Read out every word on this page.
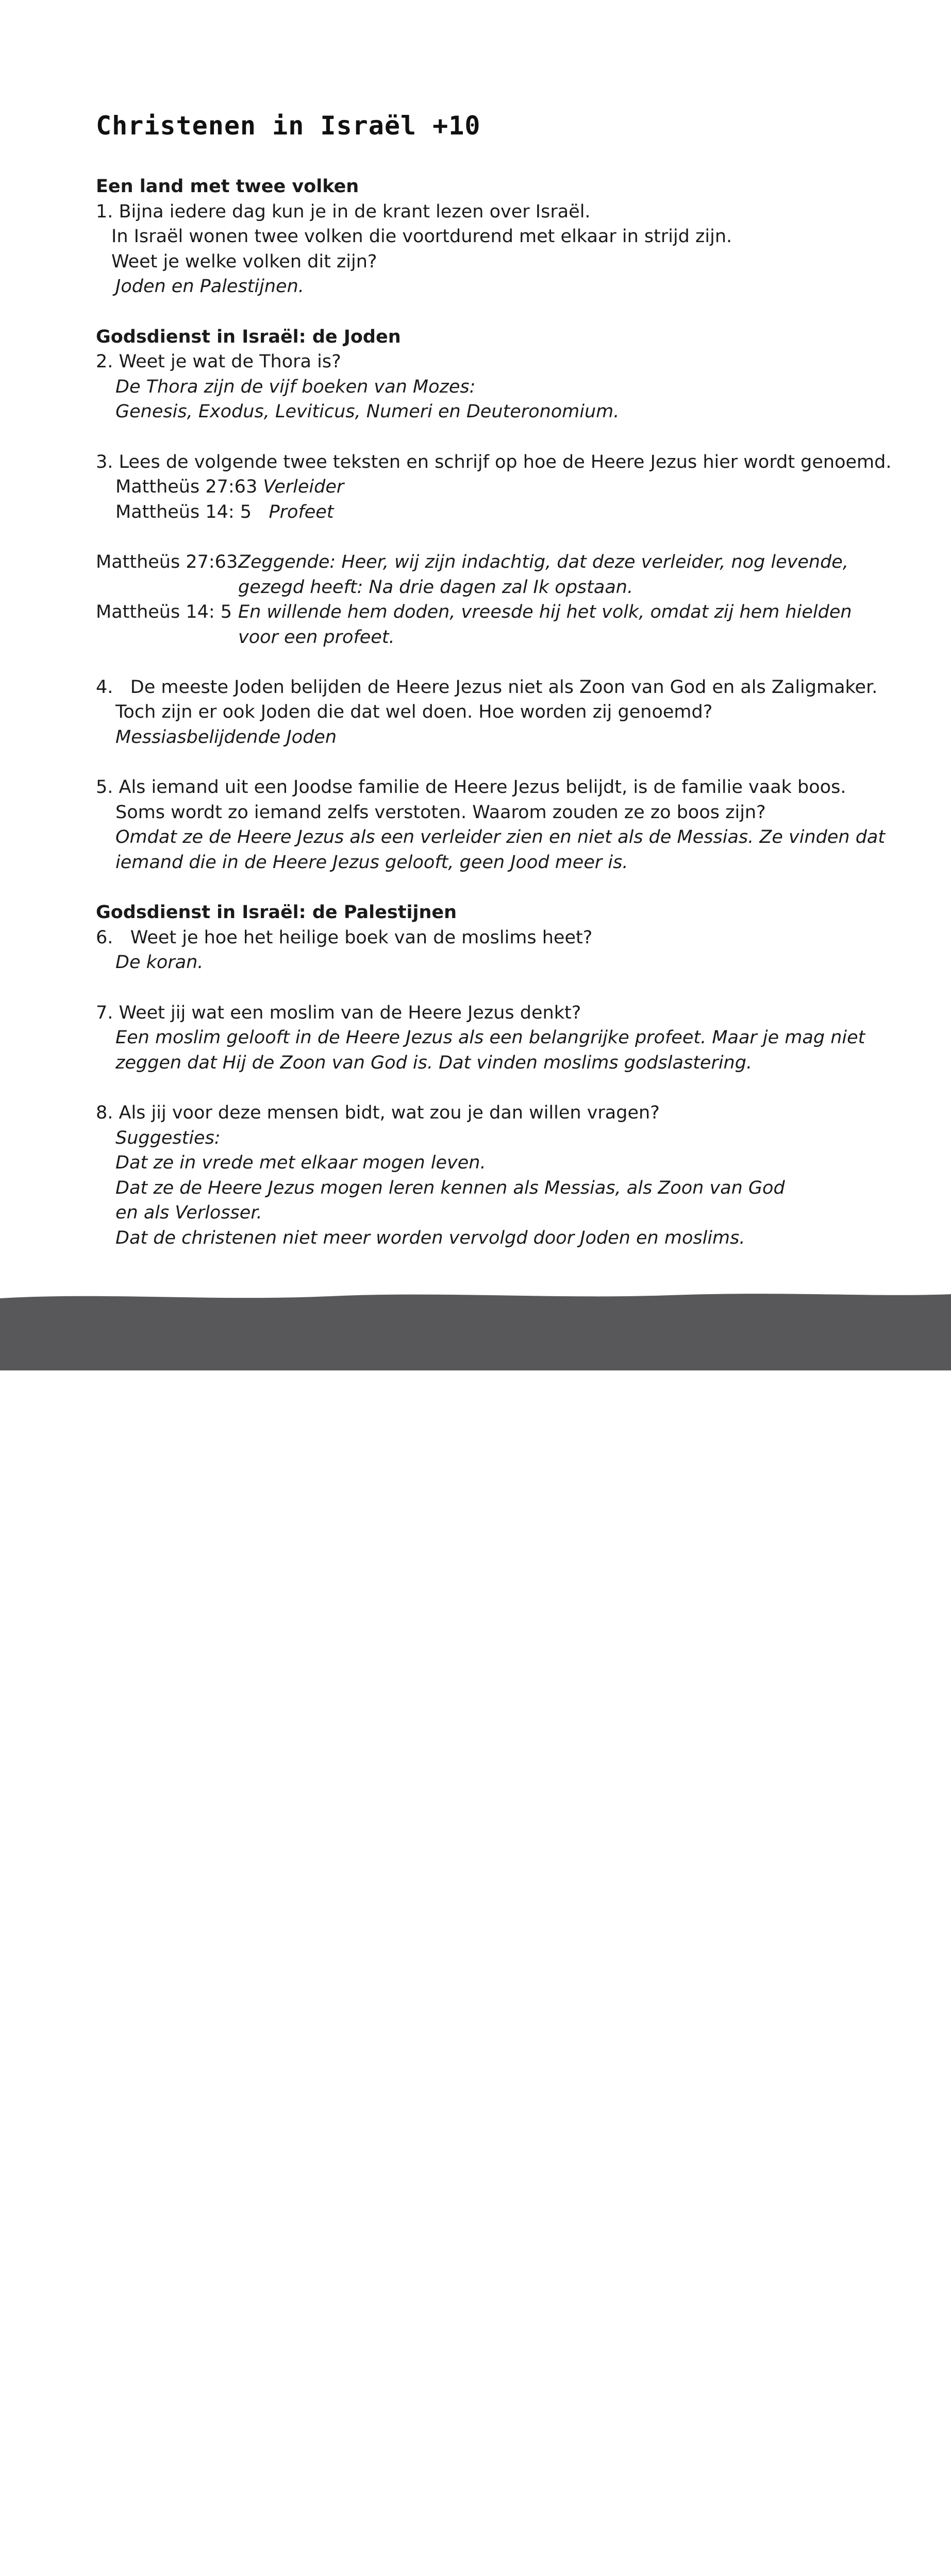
Christenen in Israël +10
Een land met twee volken
1. Bijna iedere dag kun je in de krant lezen over Israël.
In Israël wonen twee volken die voortdurend met elkaar in strijd zijn.
Weet je welke volken dit zijn?
Joden en Palestijnen.
Godsdienst in Israël: de Joden
2. Weet je wat de Thora is?
De Thora zijn de vijf boeken van Mozes:
Genesis, Exodus, Leviticus, Numeri en Deuteronomium.
3. Lees de volgende twee teksten en schrijf op hoe de Heere Jezus hier wordt genoemd.
Mattheüs 27:63 Verleider
Mattheüs 14: 5 Profeet
Mattheüs 27:63 Zeggende: Heer, wij zijn indachtig, dat deze verleider, nog levende,
gezegd heeft: Na drie dagen zal Ik opstaan.
Mattheüs 14: 5 En willende hem doden, vreesde hij het volk, omdat zij hem hielden
voor een profeet.
4.   De meeste Joden belijden de Heere Jezus niet als Zoon van God en als Zaligmaker.
Toch zijn er ook Joden die dat wel doen. Hoe worden zij genoemd?
Messiasbelijdende Joden
5. Als iemand uit een Joodse familie de Heere Jezus belijdt, is de familie vaak boos.
Soms wordt zo iemand zelfs verstoten. Waarom zouden ze zo boos zijn?
Omdat ze de Heere Jezus als een verleider zien en niet als de Messias. Ze vinden dat
iemand die in de Heere Jezus gelooft, geen Jood meer is.
Godsdienst in Israël: de Palestijnen
6.   Weet je hoe het heilige boek van de moslims heet?
De koran.
7. Weet jij wat een moslim van de Heere Jezus denkt?
Een moslim gelooft in de Heere Jezus als een belangrijke profeet. Maar je mag niet
zeggen dat Hij de Zoon van God is. Dat vinden moslims godslastering.
8. Als jij voor deze mensen bidt, wat zou je dan willen vragen?
Suggesties:
Dat ze in vrede met elkaar mogen leven.
Dat ze de Heere Jezus mogen leren kennen als Messias, als Zoon van God
en als Verlosser.
Dat de christenen niet meer worden vervolgd door Joden en moslims.
